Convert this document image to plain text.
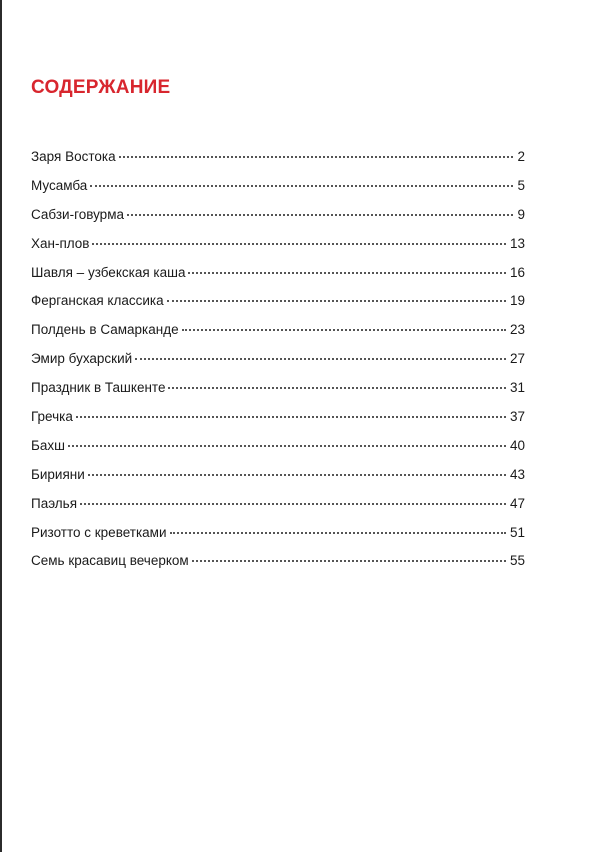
СОДЕРЖАНИЕ
Заря Востока	2
Мусамба	5
Сабзи-говурма	9
Хан-плов	13
Шавля – узбекская каша	16
Ферганская классика	19
Полдень в Самарканде	23
Эмир бухарский	27
Праздник в Ташкенте	31
Гречка	37
Бахш	40
Бирияни	43
Паэлья	47
Ризотто с креветками	51
Семь красавиц вечерком	55
